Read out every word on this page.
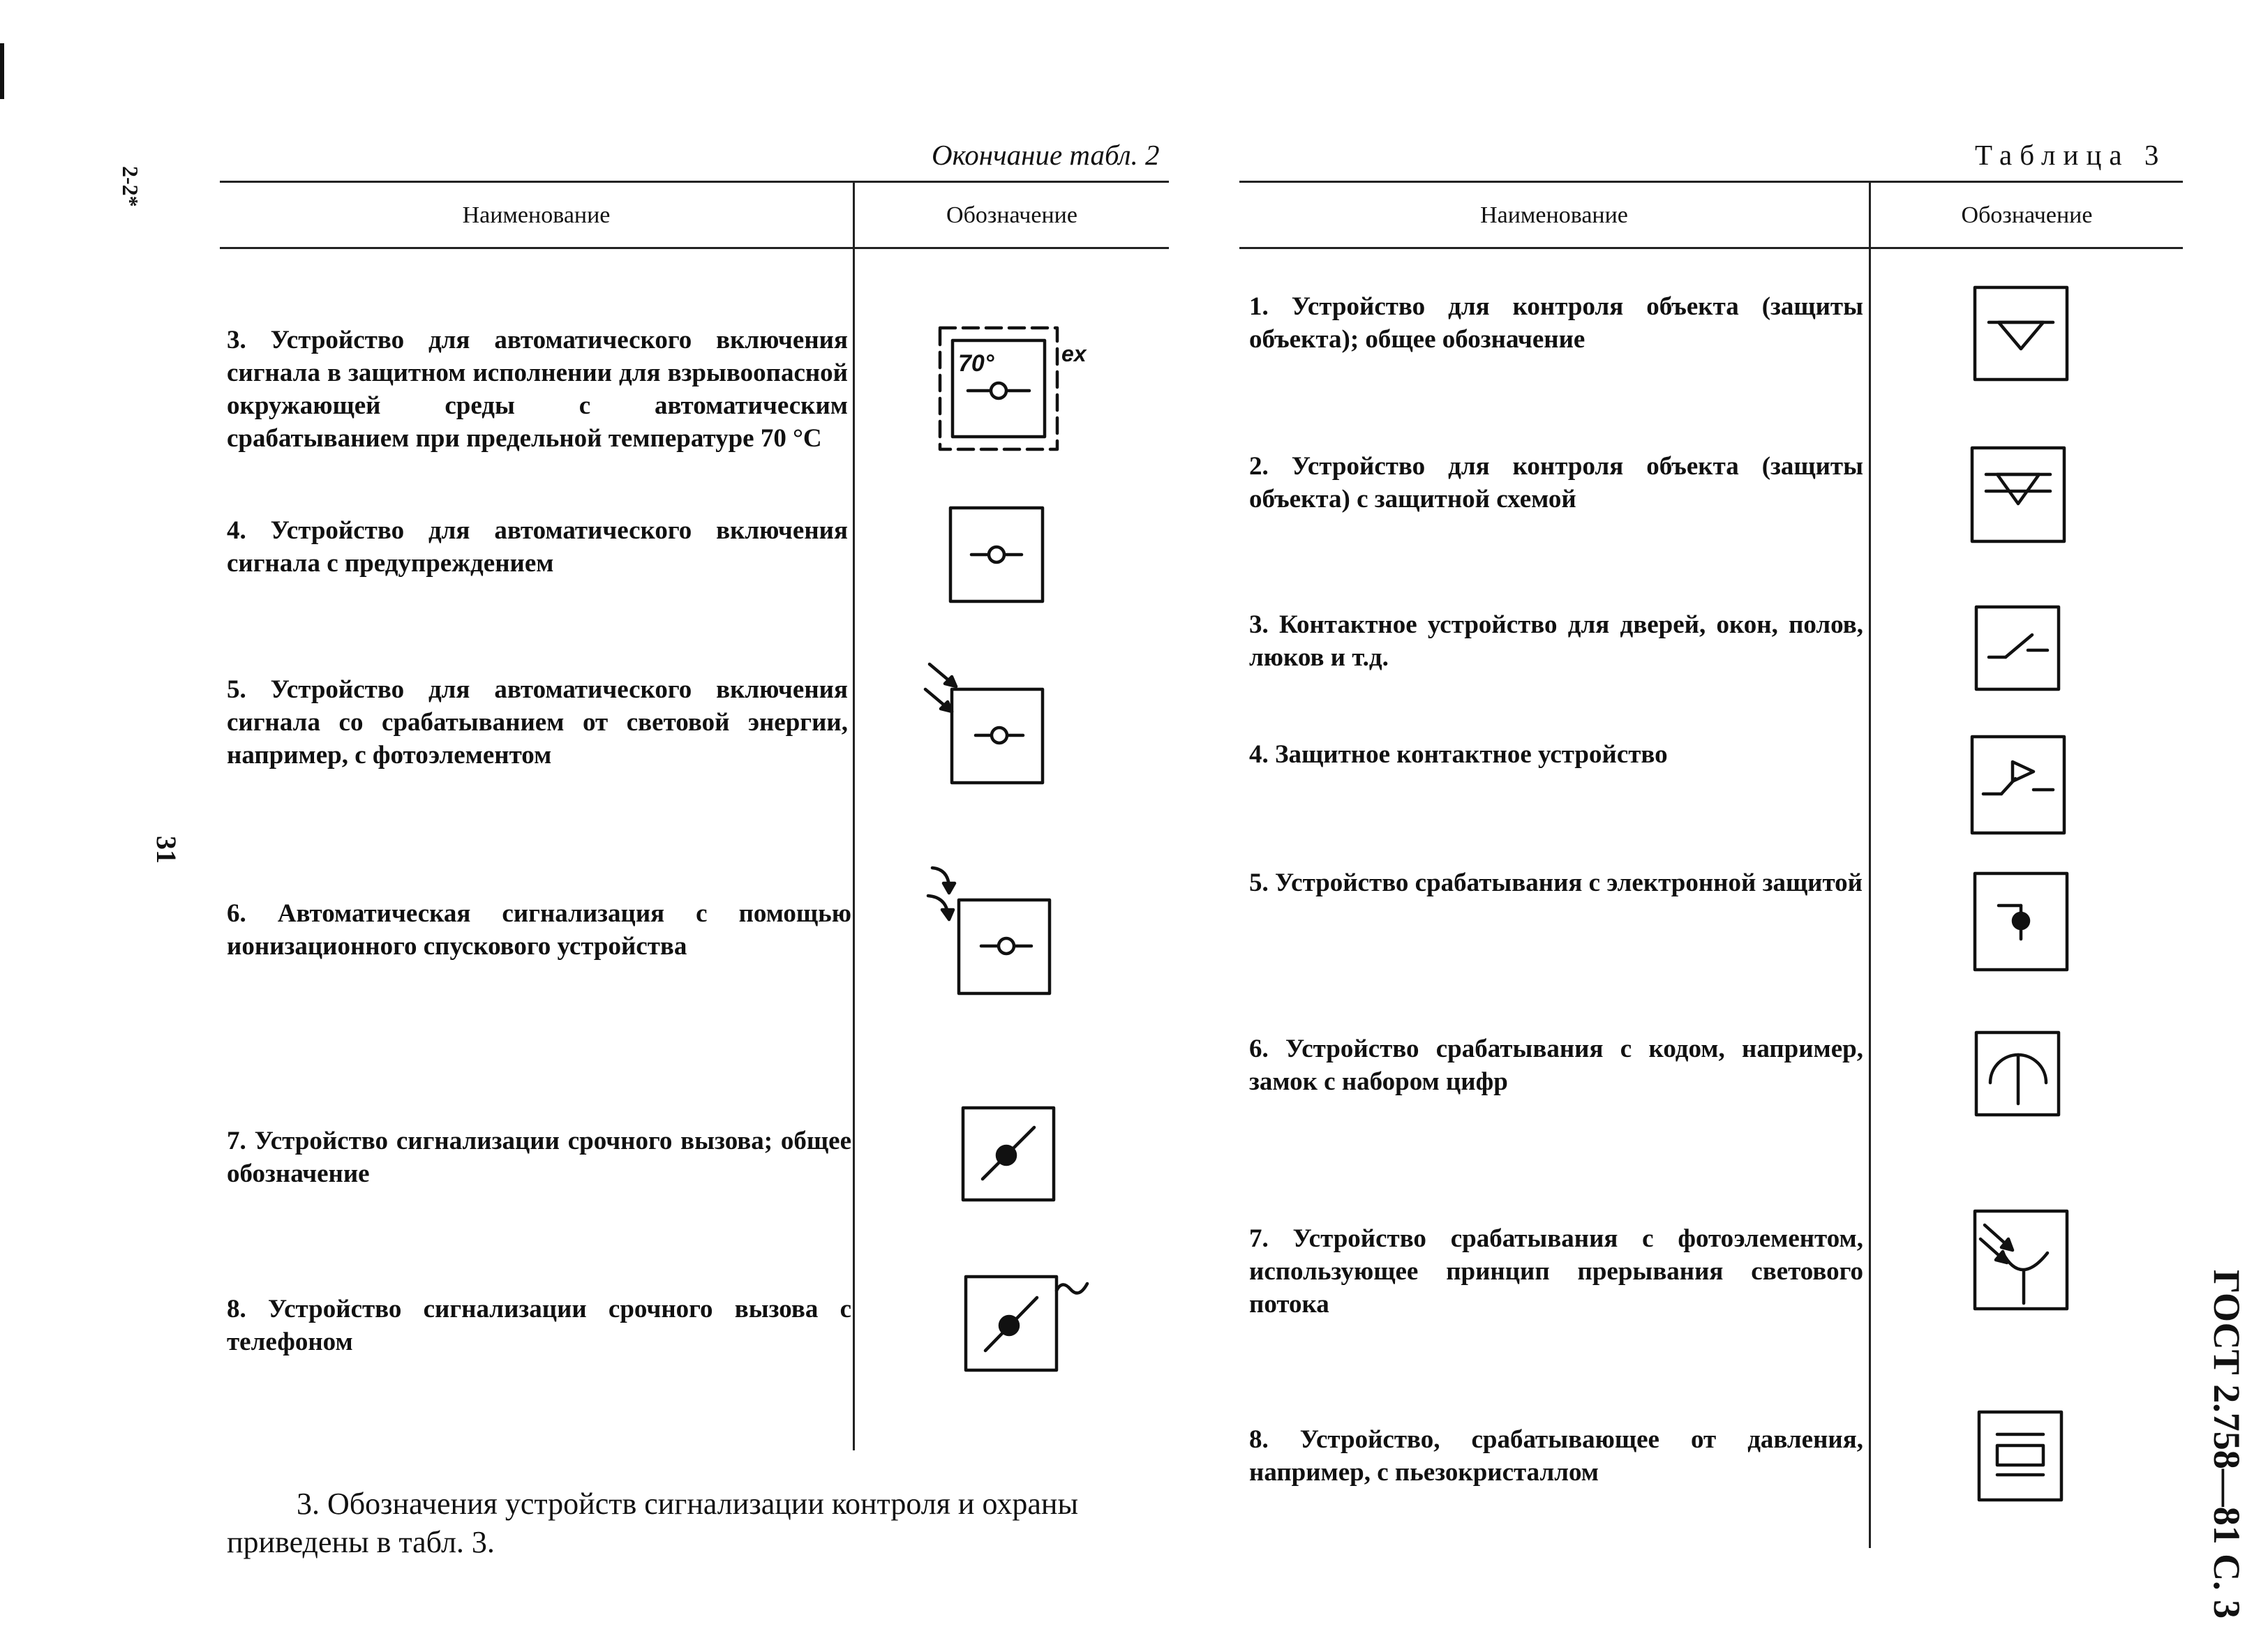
2-2*
31
ГОСТ 2.758—81 С. 3
Окончание табл. 2
Наименование	Обозначение

3. Устройство для автоматического включения сигнала в защитном исполнении для взрывоопасной окружающей среды с автоматическим срабатыванием при предельной температуре 70 °С

4. Устройство для автоматического включения сигнала с предупреждением

5. Устройство для автоматического включения сигнала со срабатыванием от световой энергии, например, с фотоэлементом

6. Автоматическая сигнализация с помощью ионизационного спускового устройства

7. Устройство сигнализации срочного вызова; общее обозначение

8. Устройство сигнализации срочного вызова с телефоном

70°	ex

3. Обозначения устройств сигнализации контроля и охраны приведены в табл. 3.

Таблица 3
Наименование	Обозначение

1. Устройство для контроля объекта (защиты объекта); общее обозначение

2. Устройство для контроля объекта (защиты объекта) с защитной схемой

3. Контактное устройство для дверей, окон, полов, люков и т.д.

4. Защитное контактное устройство

5. Устройство срабатывания с электронной защитой

6. Устройство срабатывания с кодом, например, замок с набором цифр

7. Устройство срабатывания с фотоэлементом, использующее принцип прерывания светового потока

8. Устройство, срабатывающее от давления, например, с пьезокристаллом
